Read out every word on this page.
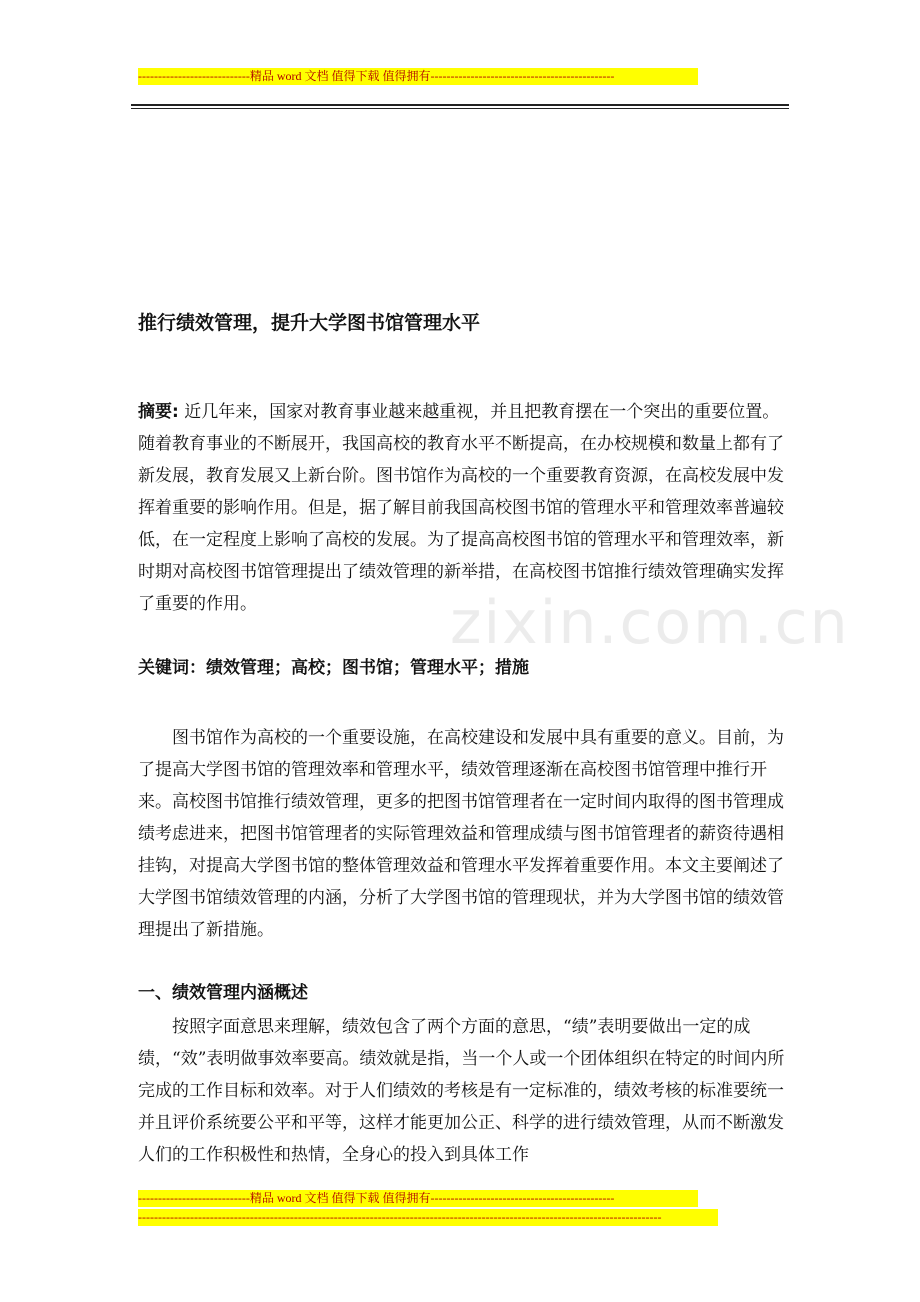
----------------------------精品 word 文档 值得下载 值得拥有----------------------------------------------
zixin.com.cn
推行绩效管理，提升大学图书馆管理水平
摘要: 近几年来，国家对教育事业越来越重视，并且把教育摆在一个突出的重要位置。随着教育事业的不断展开，我国高校的教育水平不断提高，在办校规模和数量上都有了新发展，教育发展又上新台阶。图书馆作为高校的一个重要教育资源，在高校发展中发挥着重要的影响作用。但是，据了解目前我国高校图书馆的管理水平和管理效率普遍较低，在一定程度上影响了高校的发展。为了提高高校图书馆的管理水平和管理效率，新时期对高校图书馆管理提出了绩效管理的新举措，在高校图书馆推行绩效管理确实发挥了重要的作用。
关键词：绩效管理；高校；图书馆；管理水平；措施
图书馆作为高校的一个重要设施，在高校建设和发展中具有重要的意义。目前，为了提高大学图书馆的管理效率和管理水平，绩效管理逐渐在高校图书馆管理中推行开来。高校图书馆推行绩效管理，更多的把图书馆管理者在一定时间内取得的图书管理成绩考虑进来，把图书馆管理者的实际管理效益和管理成绩与图书馆管理者的薪资待遇相挂钩，对提高大学图书馆的整体管理效益和管理水平发挥着重要作用。本文主要阐述了大学图书馆绩效管理的内涵，分析了大学图书馆的管理现状，并为大学图书馆的绩效管理提出了新措施。
一、绩效管理内涵概述
按照字面意思来理解，绩效包含了两个方面的意思，“绩”表明要做出一定的成绩，“效”表明做事效率要高。绩效就是指，当一个人或一个团体组织在特定的时间内所完成的工作目标和效率。对于人们绩效的考核是有一定标准的，绩效考核的标准要统一并且评价系统要公平和平等，这样才能更加公正、科学的进行绩效管理，从而不断激发人们的工作积极性和热情，全身心的投入到具体工作
----------------------------精品 word 文档 值得下载 值得拥有----------------------------------------------
-----------------------------------------------------------------------------------------------------------------------------------
